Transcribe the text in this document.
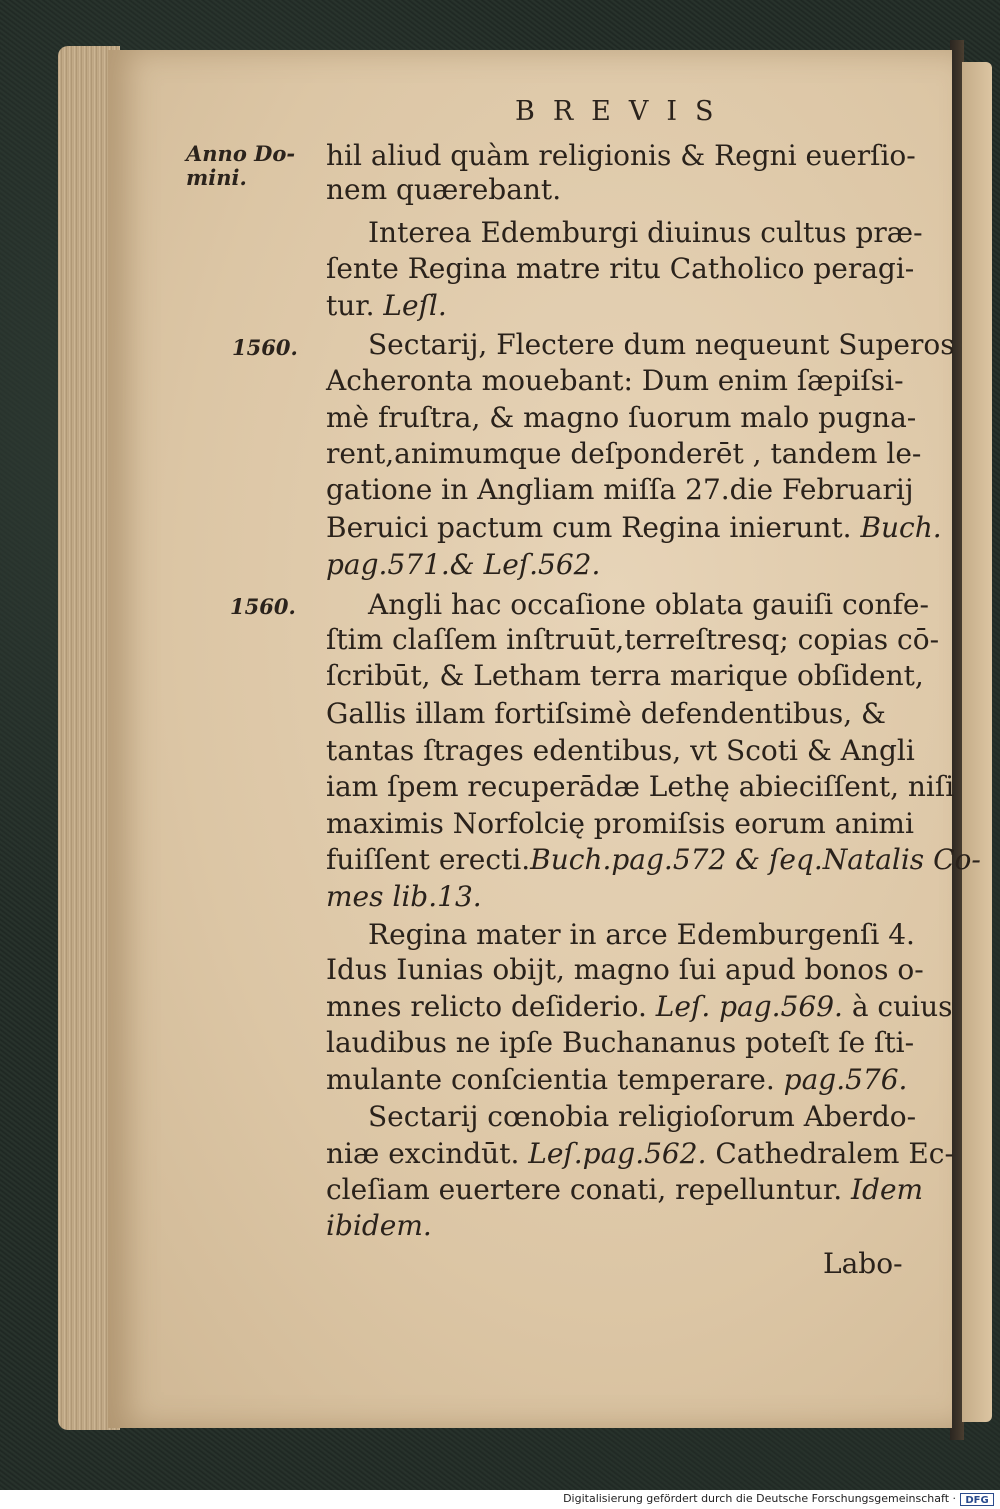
BREVIS
Anno Do-
mini.
1560.
1560.
hil aliud quàm religionis & Regni euerſio-
nem quærebant.
Interea Edemburgi diuinus cultus præ-
ſente Regina matre ritu Catholico peragi-
tur. Leſl.
Sectarij, Flectere dum nequeunt Superos
Acheronta mouebant: Dum enim ſæpiſsi-
mè fruſtra, & magno ſuorum malo pugna-
rent,animumque deſponderēt , tandem le-
gatione in Angliam miſſa 27.die Februarij
Beruici pactum cum Regina inierunt. Buch.
pag.571.& Leſ.562.
Angli hac occaſione oblata gauiſi confe-
ſtim claſſem inſtruūt,terreſtresq; copias cō-
ſcribūt, & Letham terra marique obſident,
Gallis illam fortiſsimè defendentibus, &
tantas ſtrages edentibus, vt Scoti & Angli
iam ſpem recuperādæ Lethę abieciſſent, niſi
maximis Norfolcię promiſsis eorum animi
fuiſſent erecti.Buch.pag.572 & ſeq.Natalis Co-
mes lib.13.
Regina mater in arce Edemburgenſi 4.
Idus Iunias obijt, magno ſui apud bonos o-
mnes relicto deſiderio. Leſ. pag.569. à cuius
laudibus ne ipſe Buchananus poteſt ſe ſti-
mulante conſcientia temperare. pag.576.
Sectarij cœnobia religioſorum Aberdo-
niæ excindūt. Leſ.pag.562. Cathedralem Ec-
cleſiam euertere conati, repelluntur. Idem
ibidem.
Labo-
Digitalisierung gefördert durch die Deutsche Forschungsgemeinschaft · DFG
